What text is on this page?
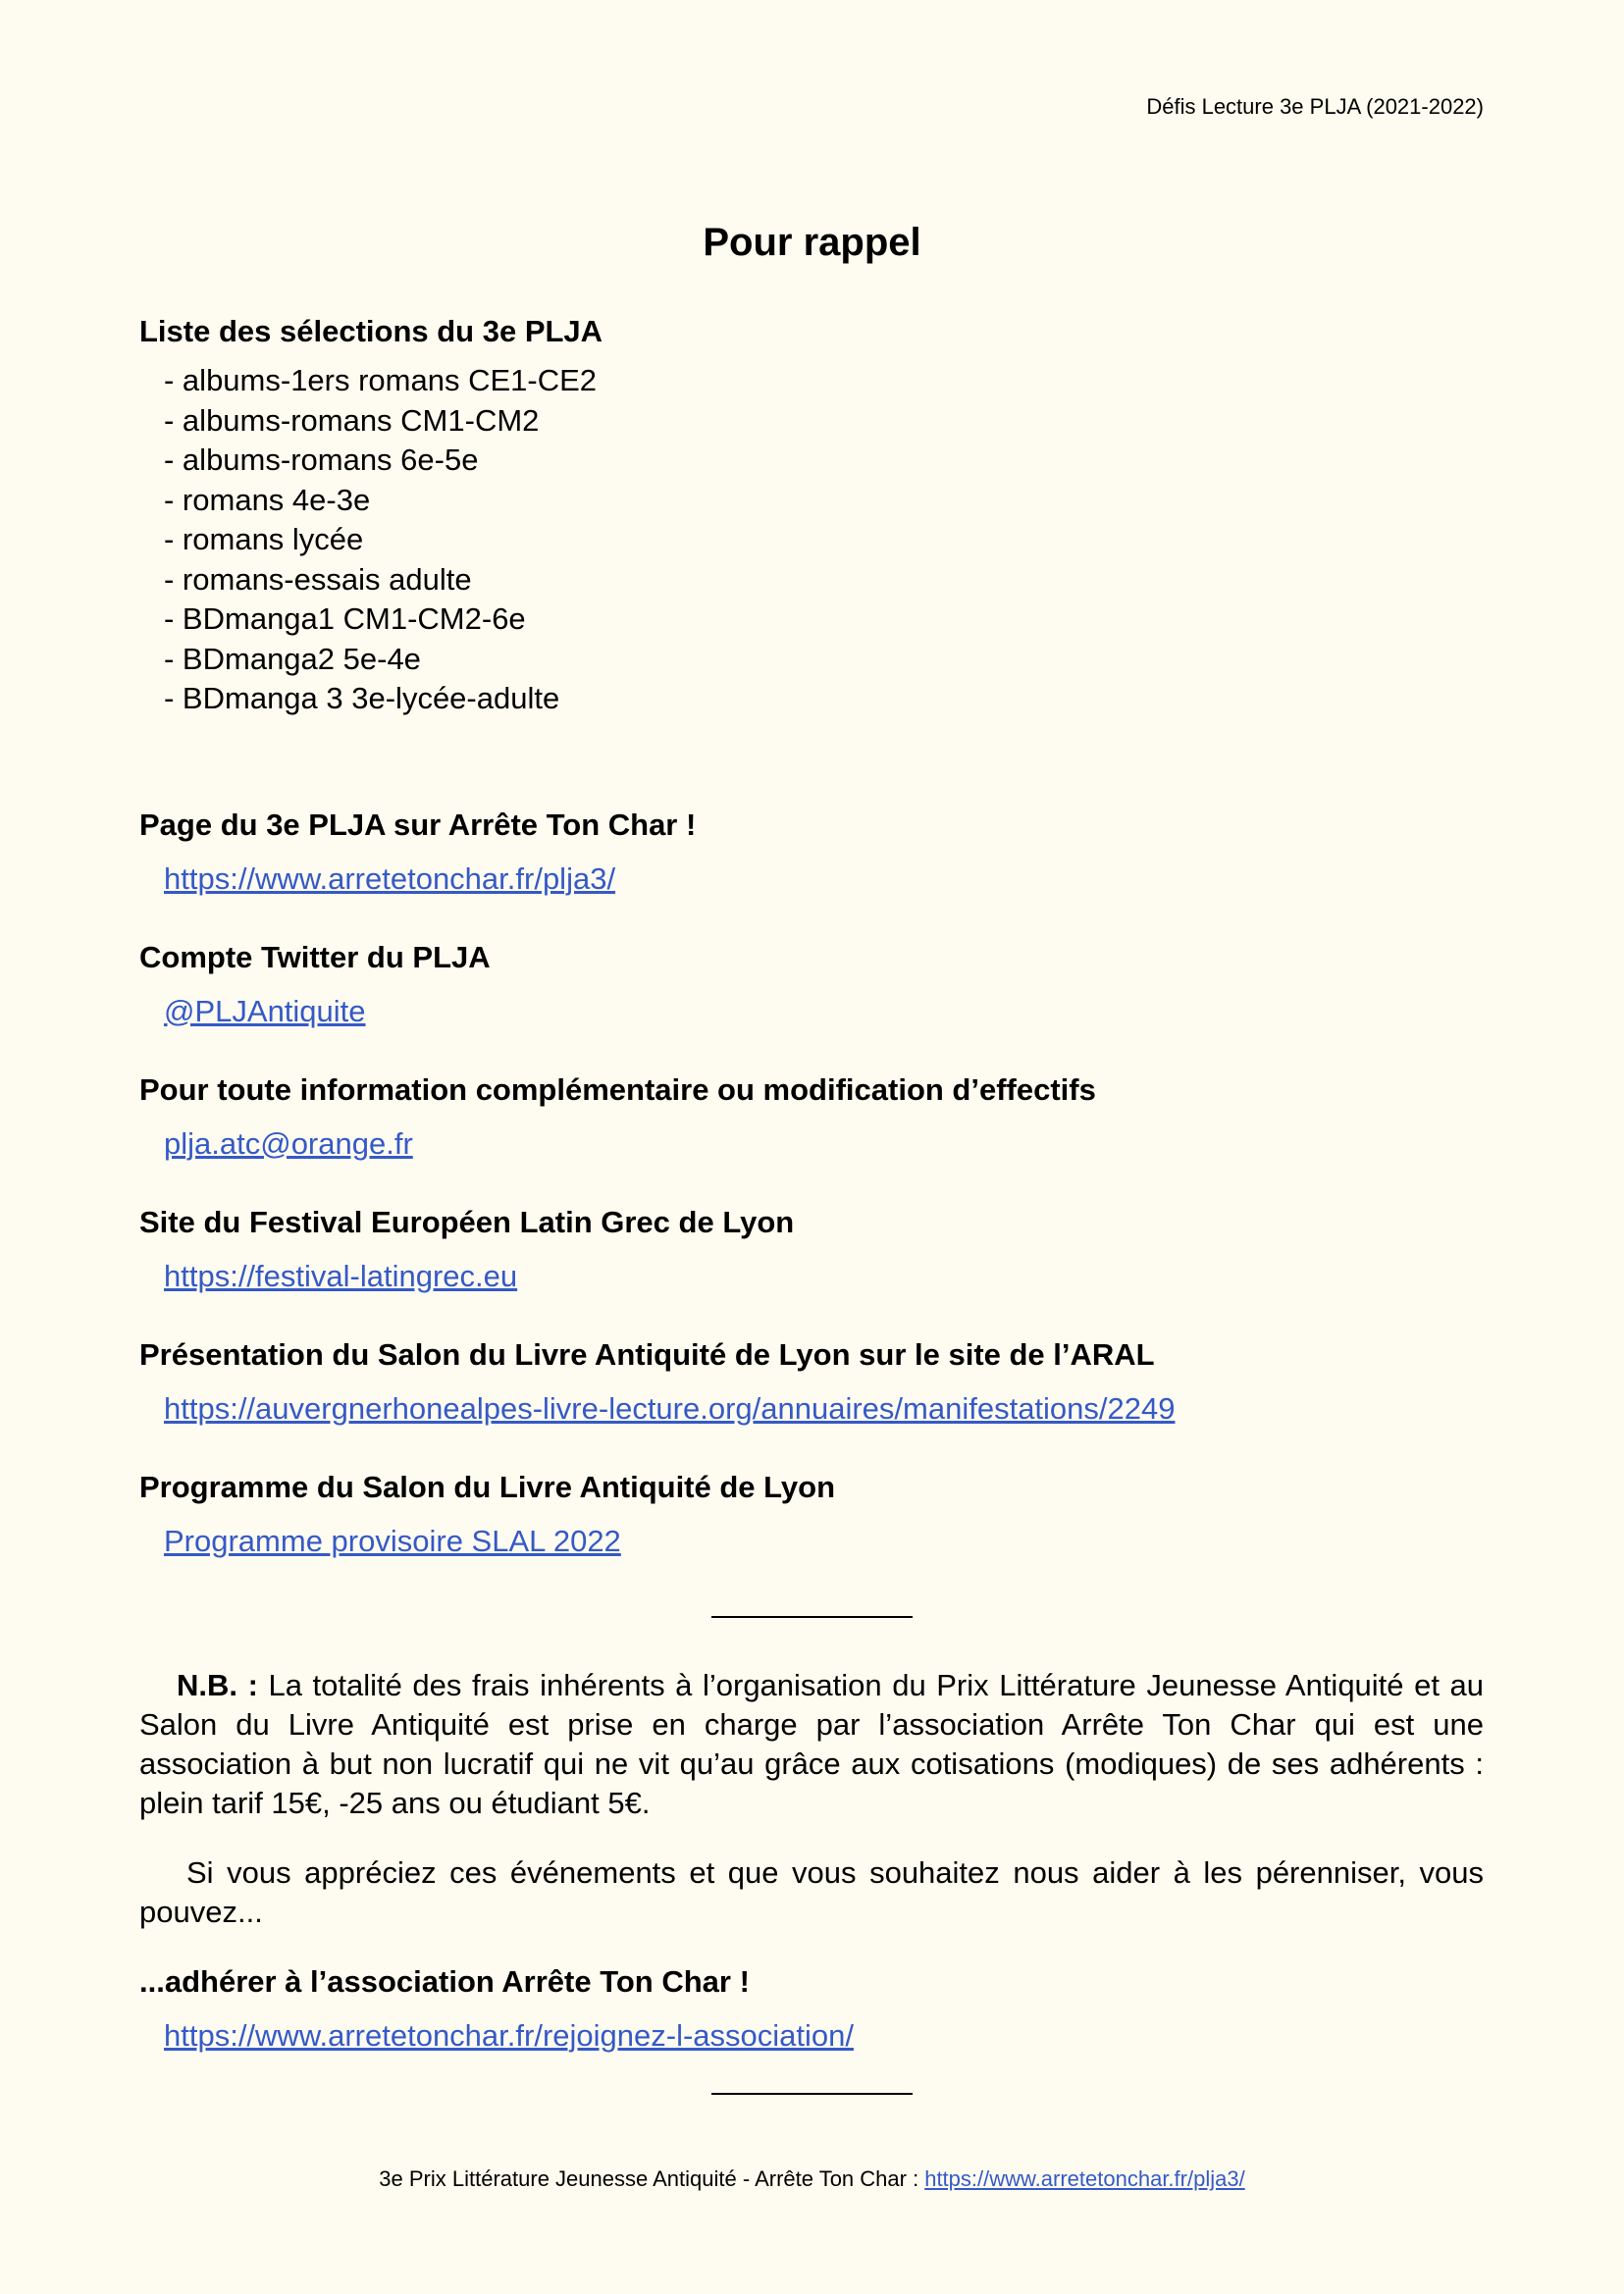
Défis Lecture 3e PLJA (2021-2022)
Pour rappel
Liste des sélections du 3e PLJA
- albums-1ers romans CE1-CE2
- albums-romans CM1-CM2
- albums-romans 6e-5e
- romans 4e-3e
- romans lycée
- romans-essais adulte
- BDmanga1 CM1-CM2-6e
- BDmanga2 5e-4e
- BDmanga 3 3e-lycée-adulte
Page du 3e PLJA sur Arrête Ton Char !
https://www.arretetonchar.fr/plja3/
Compte Twitter du PLJA
@PLJAntiquite
Pour toute information complémentaire ou modification d’effectifs
plja.atc@orange.fr
Site du Festival Européen Latin Grec de Lyon
https://festival-latingrec.eu
Présentation du Salon du Livre Antiquité de Lyon sur le site de l’ARAL
https://auvergnerhonealpes-livre-lecture.org/annuaires/manifestations/2249
Programme du Salon du Livre Antiquité de Lyon
Programme provisoire SLAL 2022

N.B. : La totalité des frais inhérents à l’organisation du Prix Littérature Jeunesse Antiquité et au Salon du Livre Antiquité est prise en charge par l’association Arrête Ton Char qui est une association à but non lucratif qui ne vit qu’au grâce aux cotisations (modiques) de ses adhérents : plein tarif 15€, -25 ans ou étudiant 5€.

Si vous appréciez ces événements et que vous souhaitez nous aider à les pérenniser, vous pouvez...

...adhérer à l’association Arrête Ton Char !
https://www.arretetonchar.fr/rejoignez-l-association/
3e Prix Littérature Jeunesse Antiquité - Arrête Ton Char : https://www.arretetonchar.fr/plja3/
